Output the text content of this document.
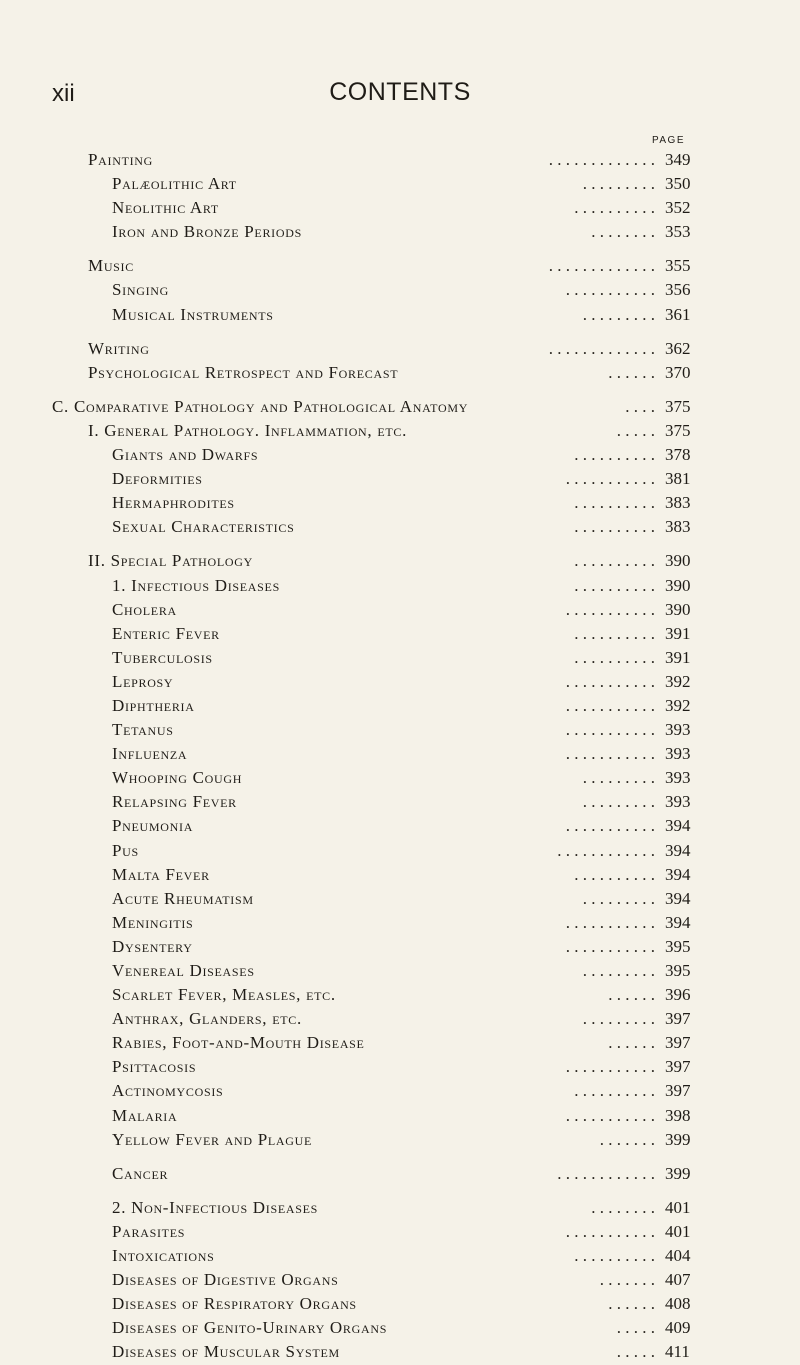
xii	CONTENTS
PAGE
Painting	. . . . . . . . . . . . . 349
Palæolithic Art	. . . . . . . . . 350
Neolithic Art	. . . . . . . . . . 352
Iron and Bronze Periods	. . . . . . . . 353
Music	. . . . . . . . . . . . . 355
Singing	. . . . . . . . . . . 356
Musical Instruments	. . . . . . . . . 361
Writing	. . . . . . . . . . . . . 362
Psychological Retrospect and Forecast	. . . . . . 370
C. Comparative Pathology and Pathological Anatomy	. . . . 375
I. General Pathology. Inflammation, etc.	. . . . . 375
Giants and Dwarfs	. . . . . . . . . . 378
Deformities	. . . . . . . . . . . 381
Hermaphrodites	. . . . . . . . . . 383
Sexual Characteristics	. . . . . . . . . . 383
II. Special Pathology	. . . . . . . . . . 390
1. Infectious Diseases	. . . . . . . . . . 390
Cholera	. . . . . . . . . . . 390
Enteric Fever	. . . . . . . . . . 391
Tuberculosis	. . . . . . . . . . 391
Leprosy	. . . . . . . . . . . 392
Diphtheria	. . . . . . . . . . . 392
Tetanus	. . . . . . . . . . . 393
Influenza	. . . . . . . . . . . 393
Whooping Cough	. . . . . . . . . 393
Relapsing Fever	. . . . . . . . . 393
Pneumonia	. . . . . . . . . . . 394
Pus	. . . . . . . . . . . . 394
Malta Fever	. . . . . . . . . . 394
Acute Rheumatism	. . . . . . . . . 394
Meningitis	. . . . . . . . . . . 394
Dysentery	. . . . . . . . . . . 395
Venereal Diseases	. . . . . . . . . 395
Scarlet Fever, Measles, etc.	. . . . . . 396
Anthrax, Glanders, etc.	. . . . . . . . . 397
Rabies, Foot-and-Mouth Disease	. . . . . . 397
Psittacosis	. . . . . . . . . . . 397
Actinomycosis	. . . . . . . . . . 397
Malaria	. . . . . . . . . . . 398
Yellow Fever and Plague	. . . . . . . 399
Cancer	. . . . . . . . . . . . 399
2. Non-Infectious Diseases	. . . . . . . . 401
Parasites	. . . . . . . . . . . 401
Intoxications	. . . . . . . . . . 404
Diseases of Digestive Organs	. . . . . . . 407
Diseases of Respiratory Organs	. . . . . . 408
Diseases of Genito-Urinary Organs	. . . . . 409
Diseases of Muscular System	. . . . . 411
